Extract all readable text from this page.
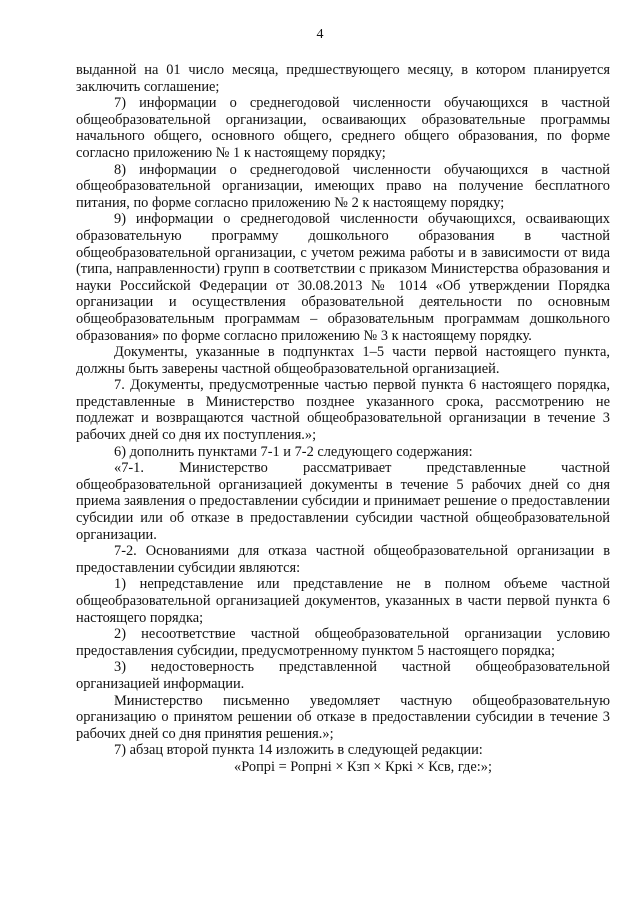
4

выданной на 01 число месяца, предшествующего месяцу, в котором планируется заключить соглашение;

7) информации о среднегодовой численности обучающихся в частной общеобразовательной организации, осваивающих образовательные программы начального общего, основного общего, среднего общего образования, по форме согласно приложению № 1 к настоящему порядку;

8) информации о среднегодовой численности обучающихся в частной общеобразовательной организации, имеющих право на получение бесплатного питания, по форме согласно приложению № 2 к настоящему порядку;

9) информации о среднегодовой численности обучающихся, осваивающих образовательную программу дошкольного образования в частной общеобразовательной организации, с учетом режима работы и в зависимости от вида (типа, направленности) групп в соответствии с приказом Министерства образования и науки Российской Федерации от 30.08.2013 № 1014 «Об утверждении Порядка организации и осуществления образовательной деятельности по основным общеобразовательным программам – образовательным программам дошкольного образования» по форме согласно приложению № 3 к настоящему порядку.

Документы, указанные в подпунктах 1–5 части первой настоящего пункта, должны быть заверены частной общеобразовательной организацией.

7. Документы, предусмотренные частью первой пункта 6 настоящего порядка, представленные в Министерство позднее указанного срока, рассмотрению не подлежат и возвращаются частной общеобразовательной организации в течение 3 рабочих дней со дня их поступления.»;

6) дополнить пунктами 7-1 и 7-2 следующего содержания:

«7-1. Министерство рассматривает представленные частной общеобразовательной организацией документы в течение 5 рабочих дней со дня приема заявления о предоставлении субсидии и принимает решение о предоставлении субсидии или об отказе в предоставлении субсидии частной общеобразовательной организации.

7-2. Основаниями для отказа частной общеобразовательной организации в предоставлении субсидии являются:

1) непредставление или представление не в полном объеме частной общеобразовательной организацией документов, указанных в части первой пункта 6 настоящего порядка;

2) несоответствие частной общеобразовательной организации условию предоставления субсидии, предусмотренному пунктом 5 настоящего порядка;

3) недостоверность представленной частной общеобразовательной организацией информации.

Министерство письменно уведомляет частную общеобразовательную организацию о принятом решении об отказе в предоставлении субсидии в течение 3 рабочих дней со дня принятия решения.»;

7) абзац второй пункта 14 изложить в следующей редакции:

«Ропрi = Ропрнi × Кзп × Кркi × Ксв, где:»;
